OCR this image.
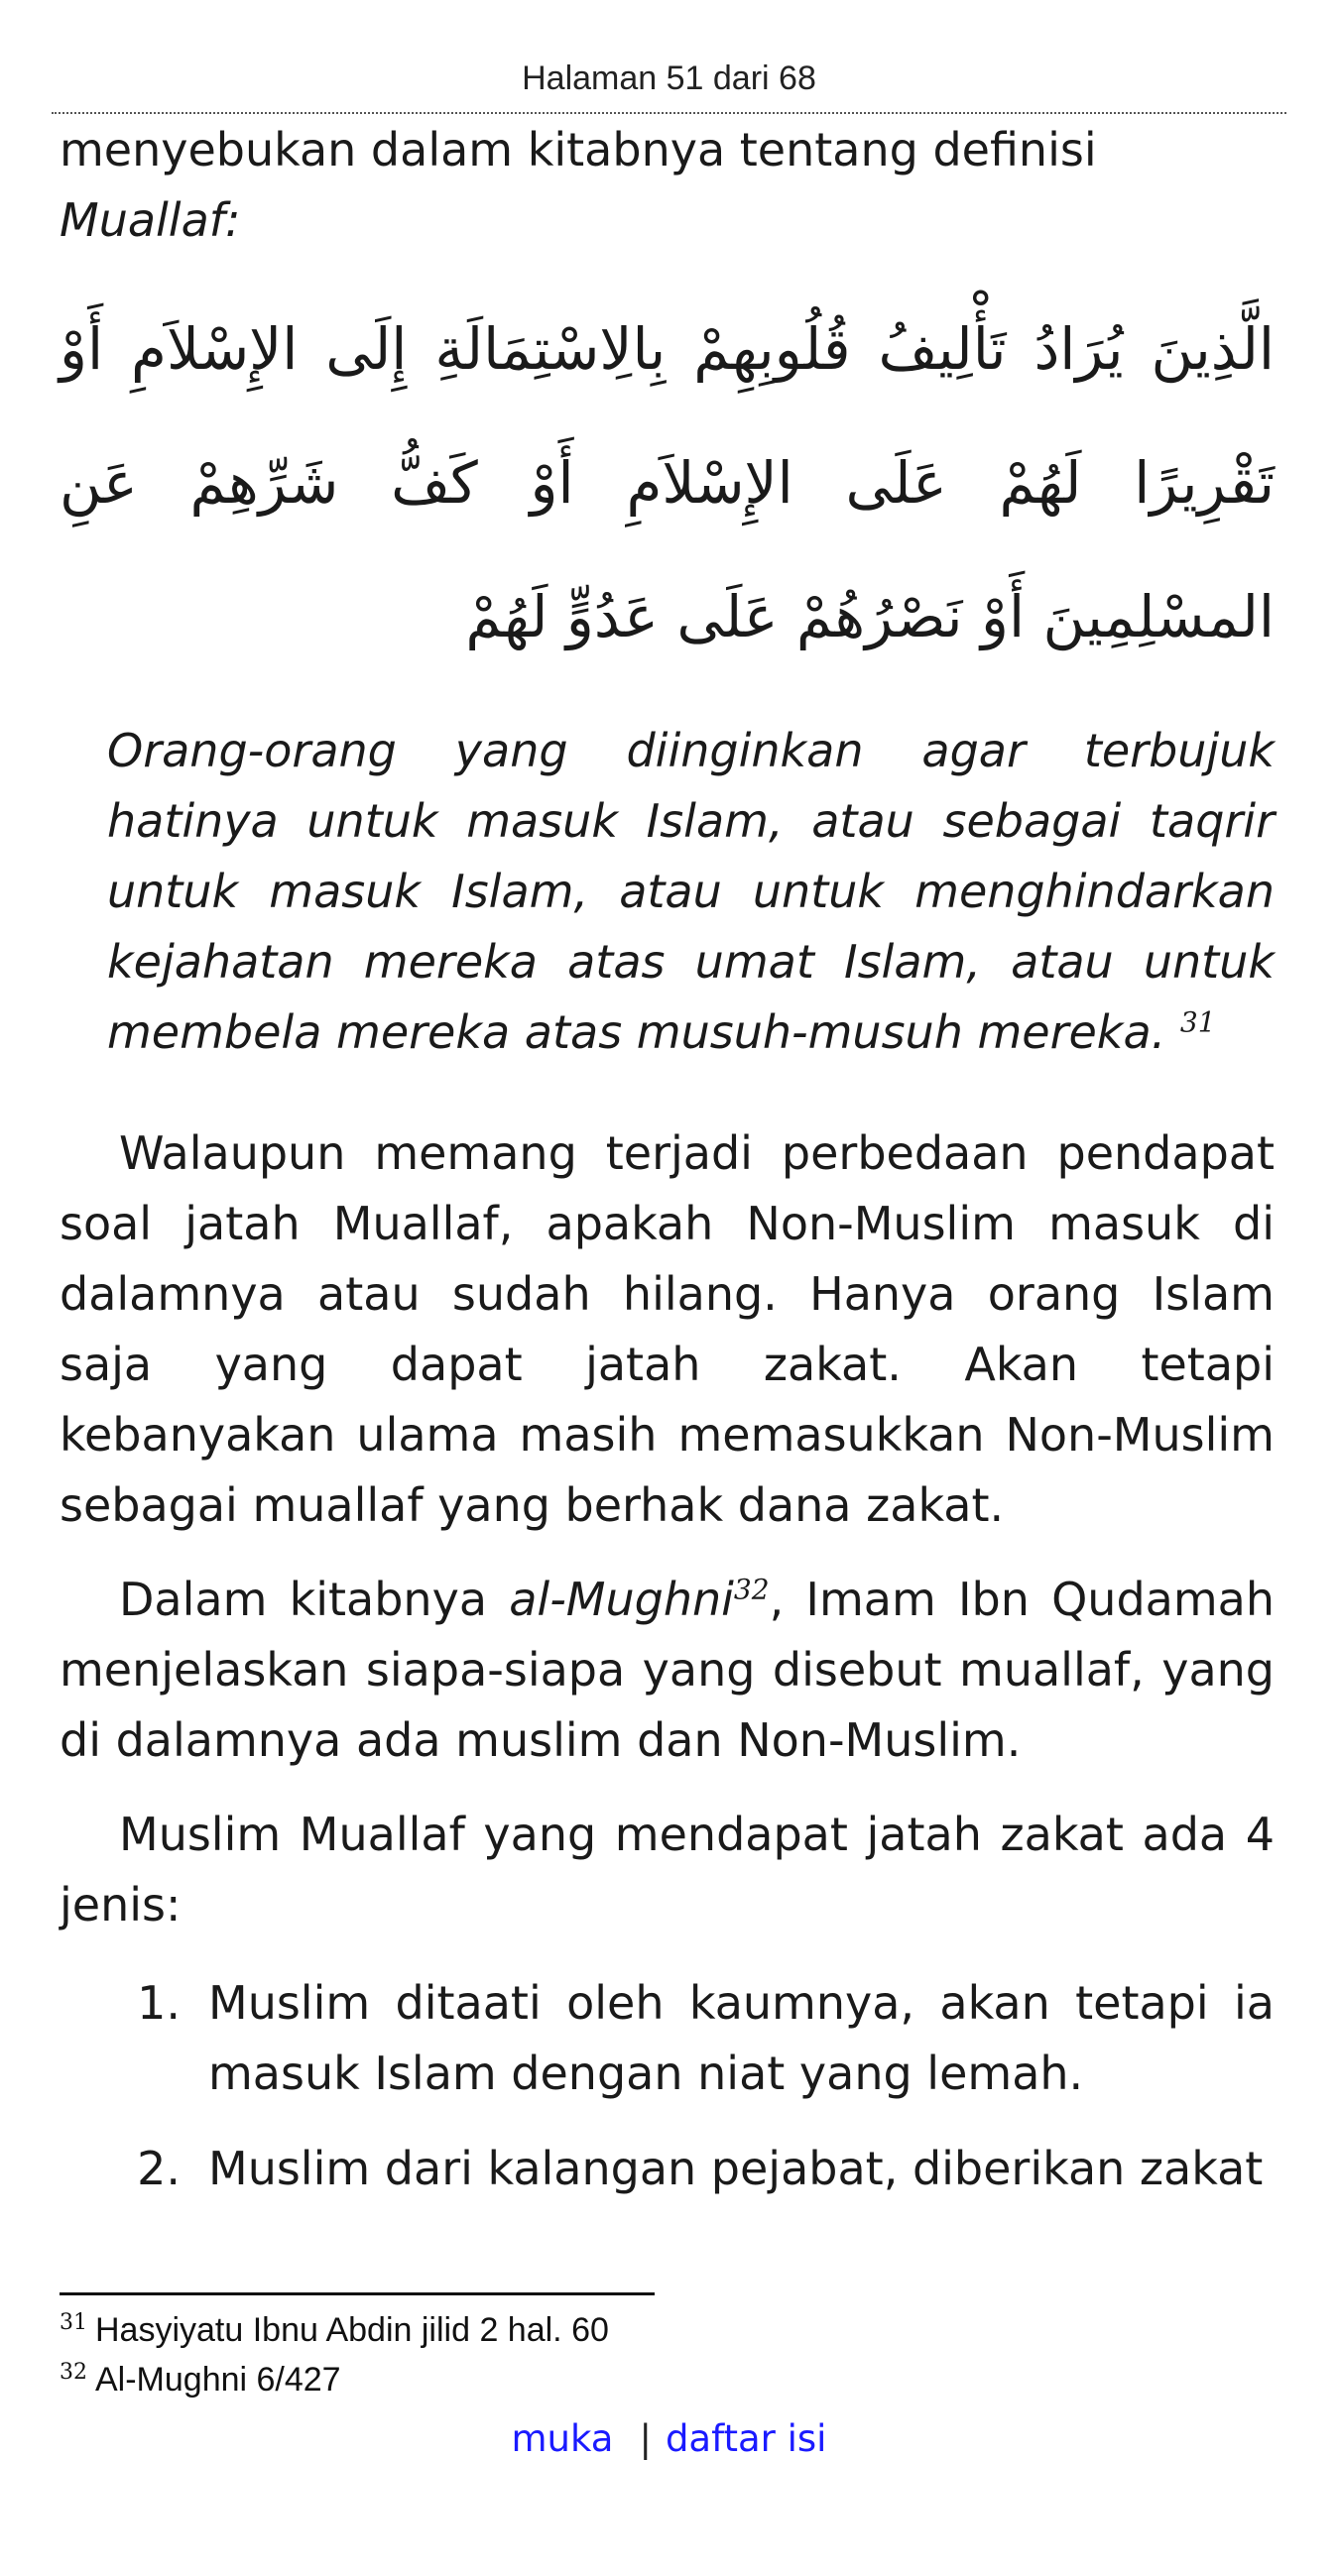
Halaman 51 dari 68
menyebukan dalam kitabnya tentang definisi
Muallaf:
الَّذِينَ يُرَادُ تَأْلِيفُ قُلُوبِهِمْ بِالِاسْتِمَالَةِ إِلَى الإِسْلاَمِ أَوْ تَقْرِيرًا لَهُمْ عَلَى الإِسْلاَمِ أَوْ كَفُّ شَرِّهِمْ عَنِ المسْلِمِينَ أَوْ نَصْرُهُمْ عَلَى عَدُوٍّ لَهُمْ
Orang-orang yang diinginkan agar terbujuk hatinya untuk masuk Islam, atau sebagai taqrir untuk masuk Islam, atau untuk menghindarkan kejahatan mereka atas umat Islam, atau untuk membela mereka atas musuh-musuh mereka. $^{31}$
Walaupun memang terjadi perbedaan pendapat soal jatah Muallaf, apakah Non-Muslim masuk di dalamnya atau sudah hilang. Hanya orang Islam saja yang dapat jatah zakat. Akan tetapi kebanyakan ulama masih memasukkan Non-Muslim sebagai muallaf yang berhak dana zakat.
Dalam kitabnya al-Mughni$^{32}$, Imam Ibn Qudamah menjelaskan siapa-siapa yang disebut muallaf, yang di dalamnya ada muslim dan Non-Muslim.
Muslim Muallaf yang mendapat jatah zakat ada 4 jenis:
1. Muslim ditaati oleh kaumnya, akan tetapi ia masuk Islam dengan niat yang lemah.
2. Muslim dari kalangan pejabat, diberikan zakat
$^{31}$ Hasyiyatu Ibnu Abdin jilid 2 hal. 60
$^{32}$ Al-Mughni 6/427
muka | daftar isi
